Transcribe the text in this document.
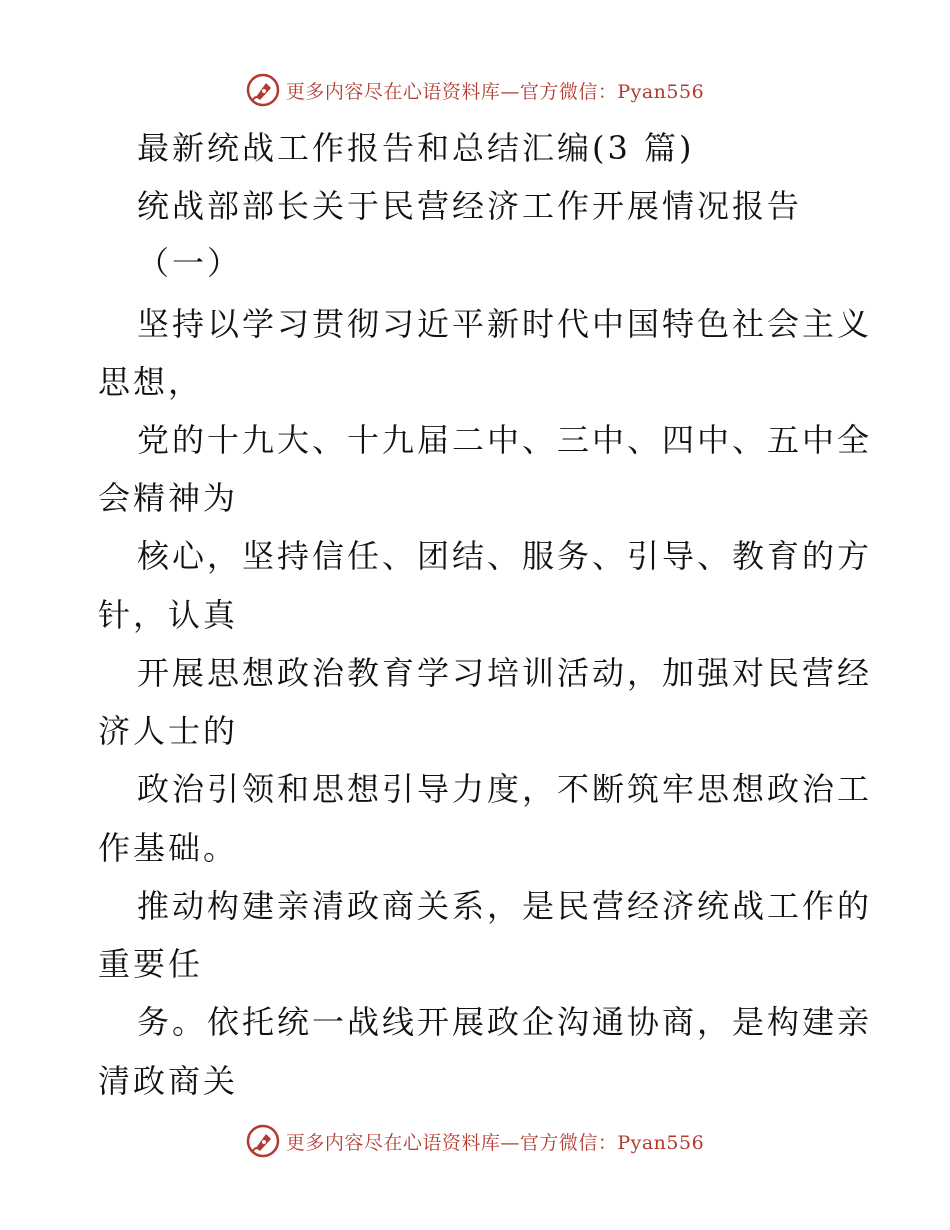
更多内容尽在心语资料库—官方微信：Pyan556
最新统战工作报告和总结汇编(3 篇)
统战部部长关于民营经济工作开展情况报告
（一）
坚持以学习贯彻习近平新时代中国特色社会主义
思想，
党的十九大、十九届二中、三中、四中、五中全
会精神为
核心，坚持信任、团结、服务、引导、教育的方
针，认真
开展思想政治教育学习培训活动，加强对民营经
济人士的
政治引领和思想引导力度，不断筑牢思想政治工
作基础。
推动构建亲清政商关系，是民营经济统战工作的
重要任
务。依托统一战线开展政企沟通协商，是构建亲
清政商关
更多内容尽在心语资料库—官方微信：Pyan556
